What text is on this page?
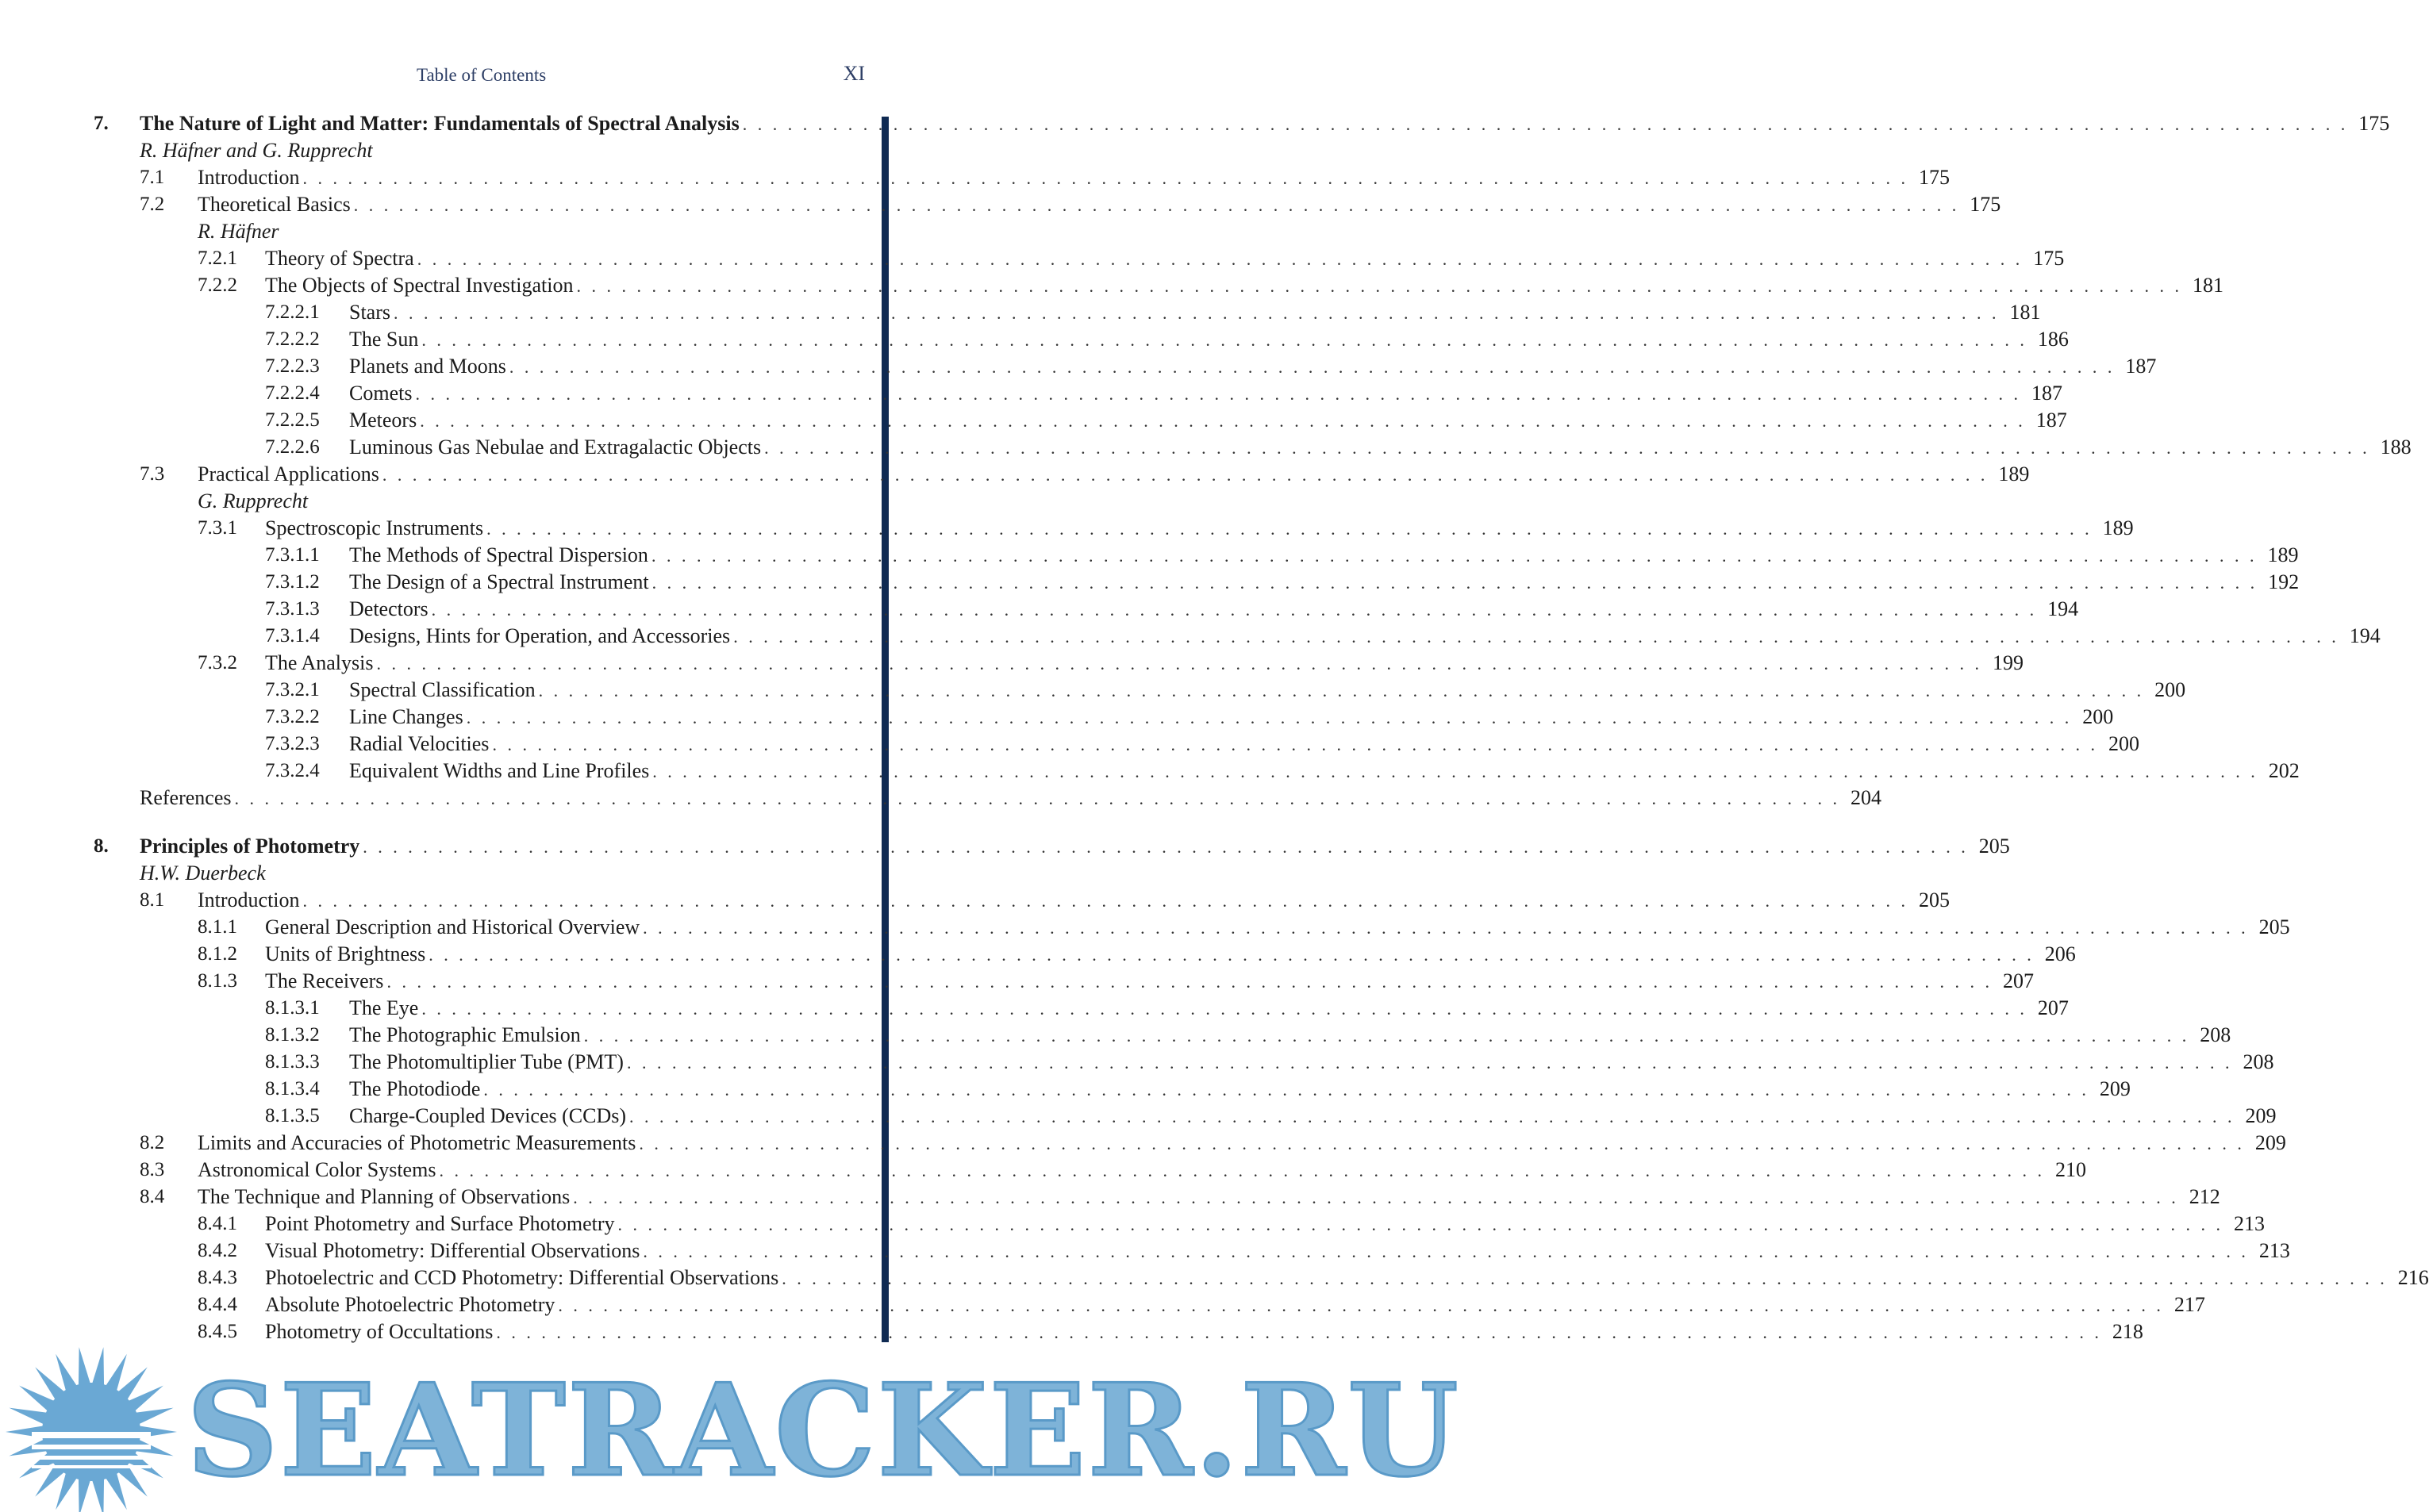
Table of Contents	XI
7. The Nature of Light and Matter: Fundamentals of Spectral Analysis . . .	175
R. Häfner and G. Rupprecht
7.1 Introduction . . .	175
7.2 Theoretical Basics . . .	175
R. Häfner
7.2.1 Theory of Spectra . . .	175
7.2.2 The Objects of Spectral Investigation . . .	181
7.2.2.1 Stars . . .	181
7.2.2.2 The Sun . . .	186
7.2.2.3 Planets and Moons . . .	187
7.2.2.4 Comets . . .	187
7.2.2.5 Meteors . . .	187
7.2.2.6 Luminous Gas Nebulae and Extragalactic Objects . . .	188
7.3 Practical Applications . . .	189
G. Rupprecht
7.3.1 Spectroscopic Instruments . . .	189
7.3.1.1 The Methods of Spectral Dispersion . . .	189
7.3.1.2 The Design of a Spectral Instrument . . .	192
7.3.1.3 Detectors . . .	194
7.3.1.4 Designs, Hints for Operation, and Accessories . . .	194
7.3.2 The Analysis . . .	199
7.3.2.1 Spectral Classification . . .	200
7.3.2.2 Line Changes . . .	200
7.3.2.3 Radial Velocities . . .	200
7.3.2.4 Equivalent Widths and Line Profiles . . .	202
References . . .	204
8. Principles of Photometry . . .	205
H.W. Duerbeck
8.1 Introduction . . .	205
8.1.1 General Description and Historical Overview . . .	205
8.1.2 Units of Brightness . . .	206
8.1.3 The Receivers . . .	207
8.1.3.1 The Eye . . .	207
8.1.3.2 The Photographic Emulsion . . .	208
8.1.3.3 The Photomultiplier Tube (PMT) . . .	208
8.1.3.4 The Photodiode . . .	209
8.1.3.5 Charge-Coupled Devices (CCDs) . . .	209
8.2 Limits and Accuracies of Photometric Measurements . . .	209
8.3 Astronomical Color Systems . . .	210
8.4 The Technique and Planning of Observations . . .	212
8.4.1 Point Photometry and Surface Photometry . . .	213
8.4.2 Visual Photometry: Differential Observations . . .	213
8.4.3 Photoelectric and CCD Photometry: Differential Observations . . .	216
8.4.4 Absolute Photoelectric Photometry . . .	217
8.4.5 Photometry of Occultations . . .	218
SEATRACKER.RU
